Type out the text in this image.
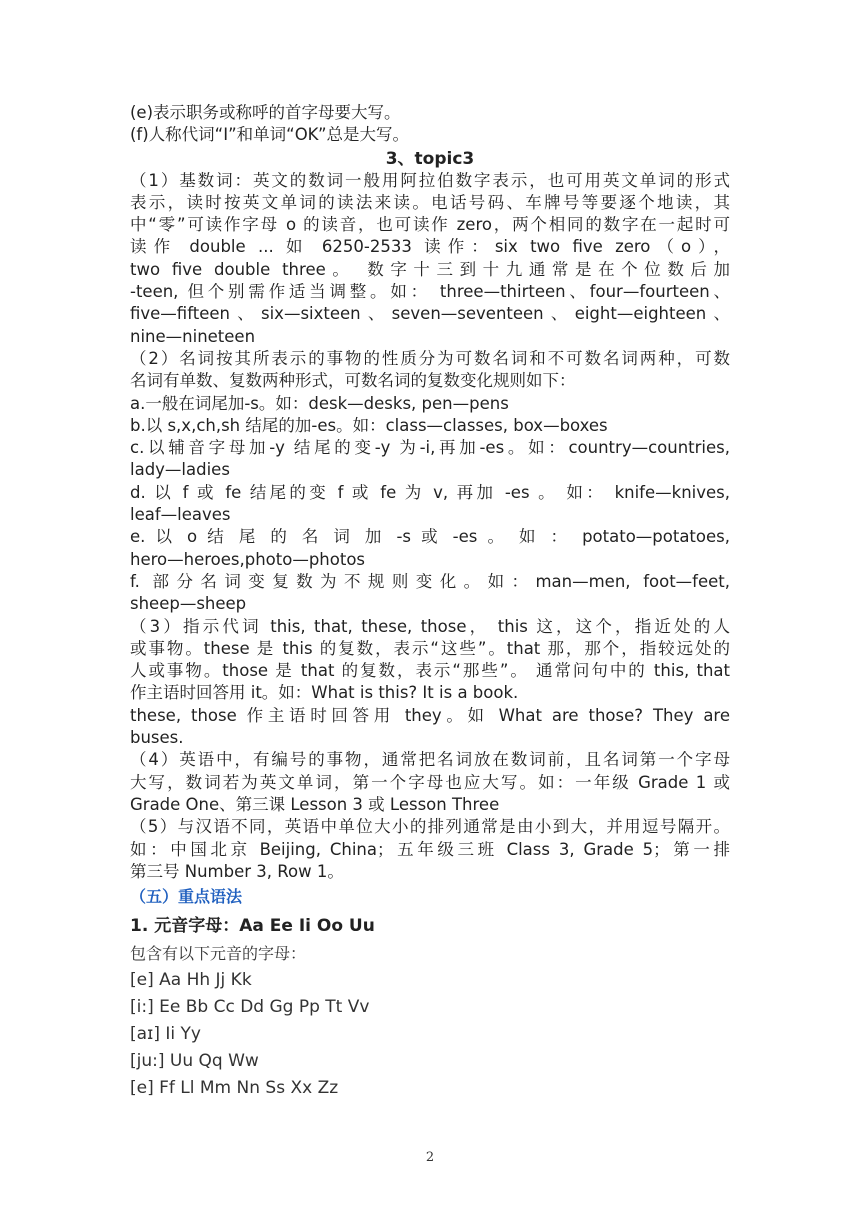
(e)表示职务或称呼的首字母要大写。
(f)人称代词“I”和单词“OK”总是大写。
3、topic3
（1）基数词：英文的数词一般用阿拉伯数字表示，也可用英文单词的形式
表示，读时按英文单词的读法来读。电话号码、车牌号等要逐个地读，其
中“零”可读作字母 o 的读音，也可读作 zero，两个相同的数字在一起时可
读作 double ... 如 6250-2533 读作：six two five zero（o），
two five double three。 数字十三到十九通常是在个位数后加
-teen, 但个别需作适当调整。如： three—thirteen、four—fourteen、
five—fifteen、six—sixteen、seven—seventeen、eight—eighteen、
nine—nineteen
（2）名词按其所表示的事物的性质分为可数名词和不可数名词两种，可数
名词有单数、复数两种形式，可数名词的复数变化规则如下：
a.一般在词尾加-s。如：desk—desks, pen—pens
b.以 s,x,ch,sh 结尾的加-es。如：class—classes, box—boxes
c.以辅音字母加-y 结尾的变-y 为-i,再加-es。如：country—countries,
lady—ladies
d. 以 f 或 fe 结尾的变 f 或 fe 为 v, 再加 -es 。 如： knife—knives,
leaf—leaves
e. 以 o 结 尾 的 名 词 加 -s 或 -es 。 如 ： potato—potatoes,
hero—heroes,photo—photos
f. 部分名词变复数为不规则变化。如：man—men, foot—feet,
sheep—sheep
（3）指示代词 this, that, these, those， this 这，这个，指近处的人
或事物。these 是 this 的复数，表示“这些”。that 那，那个，指较远处的
人或事物。those 是 that 的复数，表示“那些”。 通常问句中的 this, that
作主语时回答用 it。如：What is this? It is a book.
these, those 作主语时回答用 they。如 What are those? They are
buses.
（4）英语中，有编号的事物，通常把名词放在数词前，且名词第一个字母
大写，数词若为英文单词，第一个字母也应大写。如：一年级 Grade 1 或
Grade One、第三课 Lesson 3 或 Lesson Three
（5）与汉语不同，英语中单位大小的排列通常是由小到大，并用逗号隔开。
如：中国北京 Beijing, China；五年级三班 Class 3, Grade 5；第一排
第三号 Number 3, Row 1。
（五）重点语法
1. 元音字母：Aa Ee Ii Oo Uu
包含有以下元音的字母：
[e] Aa Hh Jj Kk
[i:] Ee Bb Cc Dd Gg Pp Tt Vv
[aɪ] Ii Yy
[ju:] Uu Qq Ww
[e] Ff Ll Mm Nn Ss Xx Zz
2
